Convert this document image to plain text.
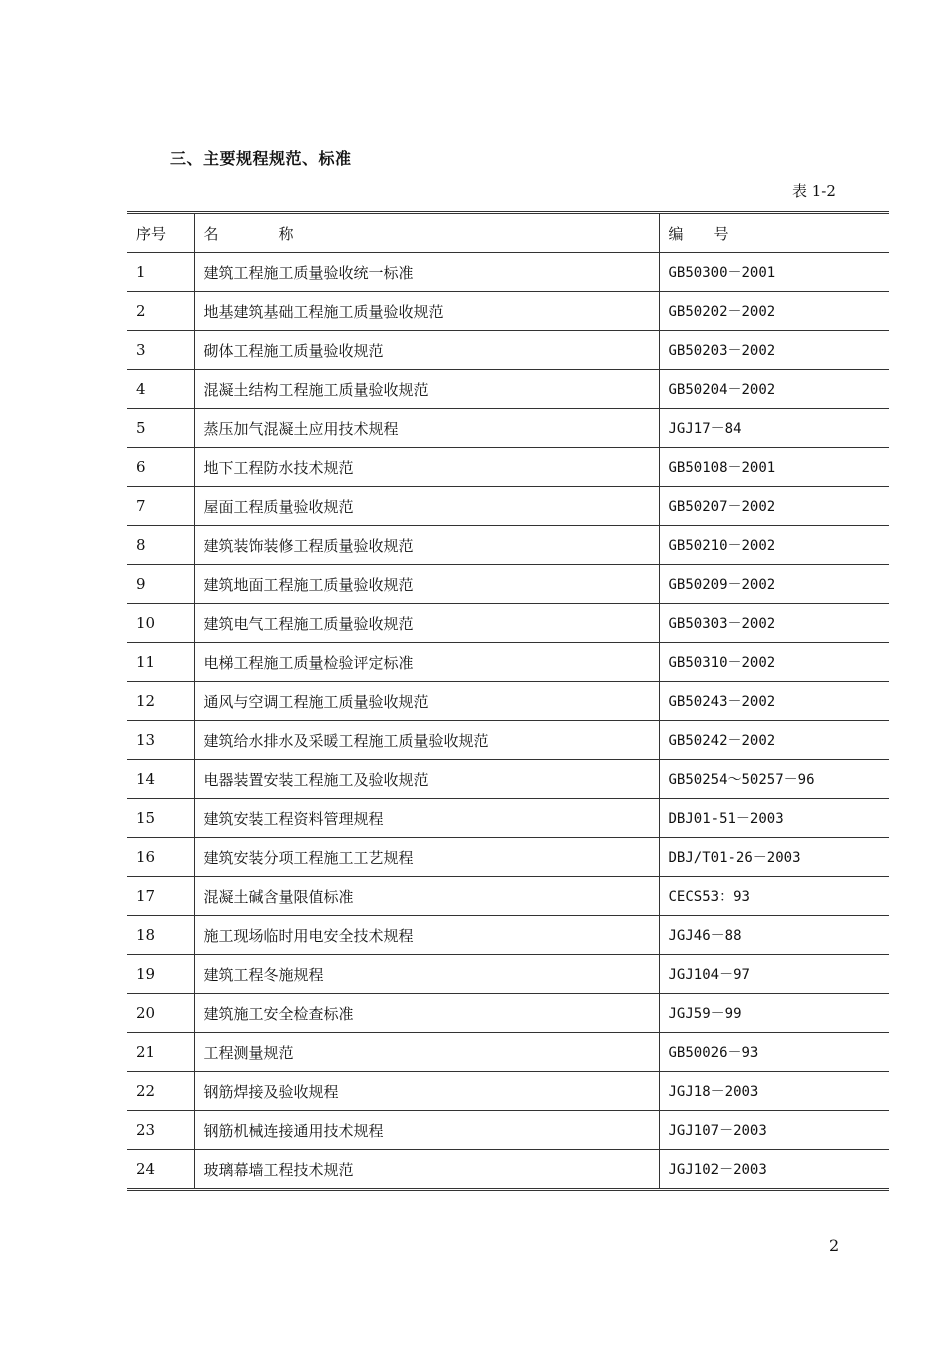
三、主要规程规范、标准
表 1-2
序号	名称	编号
1	建筑工程施工质量验收统一标准	GB50300－2001
2	地基建筑基础工程施工质量验收规范	GB50202－2002
3	砌体工程施工质量验收规范	GB50203－2002
4	混凝土结构工程施工质量验收规范	GB50204－2002
5	蒸压加气混凝土应用技术规程	JGJ17－84
6	地下工程防水技术规范	GB50108－2001
7	屋面工程质量验收规范	GB50207－2002
8	建筑装饰装修工程质量验收规范	GB50210－2002
9	建筑地面工程施工质量验收规范	GB50209－2002
10	建筑电气工程施工质量验收规范	GB50303－2002
11	电梯工程施工质量检验评定标准	GB50310－2002
12	通风与空调工程施工质量验收规范	GB50243－2002
13	建筑给水排水及采暖工程施工质量验收规范	GB50242－2002
14	电器装置安装工程施工及验收规范	GB50254～50257－96
15	建筑安装工程资料管理规程	DBJ01-51－2003
16	建筑安装分项工程施工工艺规程	DBJ/T01-26－2003
17	混凝土碱含量限值标准	CECS53：93
18	施工现场临时用电安全技术规程	JGJ46－88
19	建筑工程冬施规程	JGJ104－97
20	建筑施工安全检查标准	JGJ59－99
21	工程测量规范	GB50026－93
22	钢筋焊接及验收规程	JGJ18－2003
23	钢筋机械连接通用技术规程	JGJ107－2003
24	玻璃幕墙工程技术规范	JGJ102－2003
2
